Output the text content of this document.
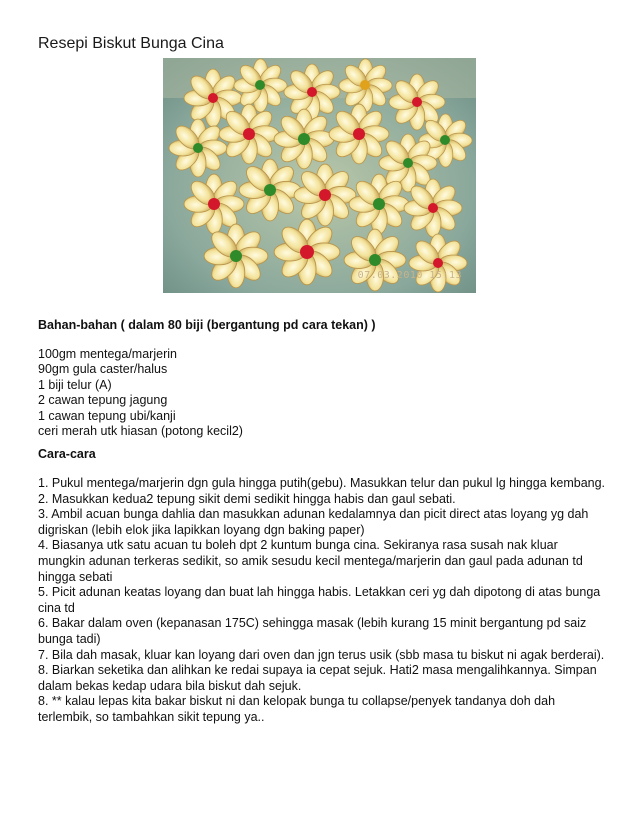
Resepi Biskut Bunga Cina
07.03.2010 15:13
Bahan-bahan ( dalam 80 biji (bergantung pd cara tekan) )
100gm mentega/marjerin
90gm gula caster/halus
1 biji telur (A)
2 cawan tepung jagung
1 cawan tepung ubi/kanji
ceri merah utk hiasan (potong kecil2)
Cara-cara
1. Pukul mentega/marjerin dgn gula hingga putih(gebu). Masukkan telur dan pukul lg hingga kembang.
2. Masukkan kedua2 tepung sikit demi sedikit hingga habis dan gaul sebati.
3. Ambil acuan bunga dahlia dan masukkan adunan kedalamnya dan picit direct atas loyang yg dah digriskan (lebih elok jika lapikkan loyang dgn baking paper)
4. Biasanya utk satu acuan tu boleh dpt 2 kuntum bunga cina. Sekiranya rasa susah nak kluar mungkin adunan terkeras sedikit, so amik sesudu kecil mentega/marjerin dan gaul pada adunan td hingga sebati
5. Picit adunan keatas loyang dan buat lah hingga habis. Letakkan ceri yg dah dipotong di atas bunga cina td
6. Bakar dalam oven (kepanasan 175C) sehingga masak (lebih kurang 15 minit bergantung pd saiz bunga tadi)
7. Bila dah masak, kluar kan loyang dari oven dan jgn terus usik (sbb masa tu biskut ni agak berderai).
8. Biarkan seketika dan alihkan ke redai supaya ia cepat sejuk. Hati2 masa mengalihkannya. Simpan dalam bekas kedap udara bila biskut dah sejuk.
8. ** kalau lepas kita bakar biskut ni dan kelopak bunga tu collapse/penyek tandanya doh dah terlembik, so tambahkan sikit tepung ya..
